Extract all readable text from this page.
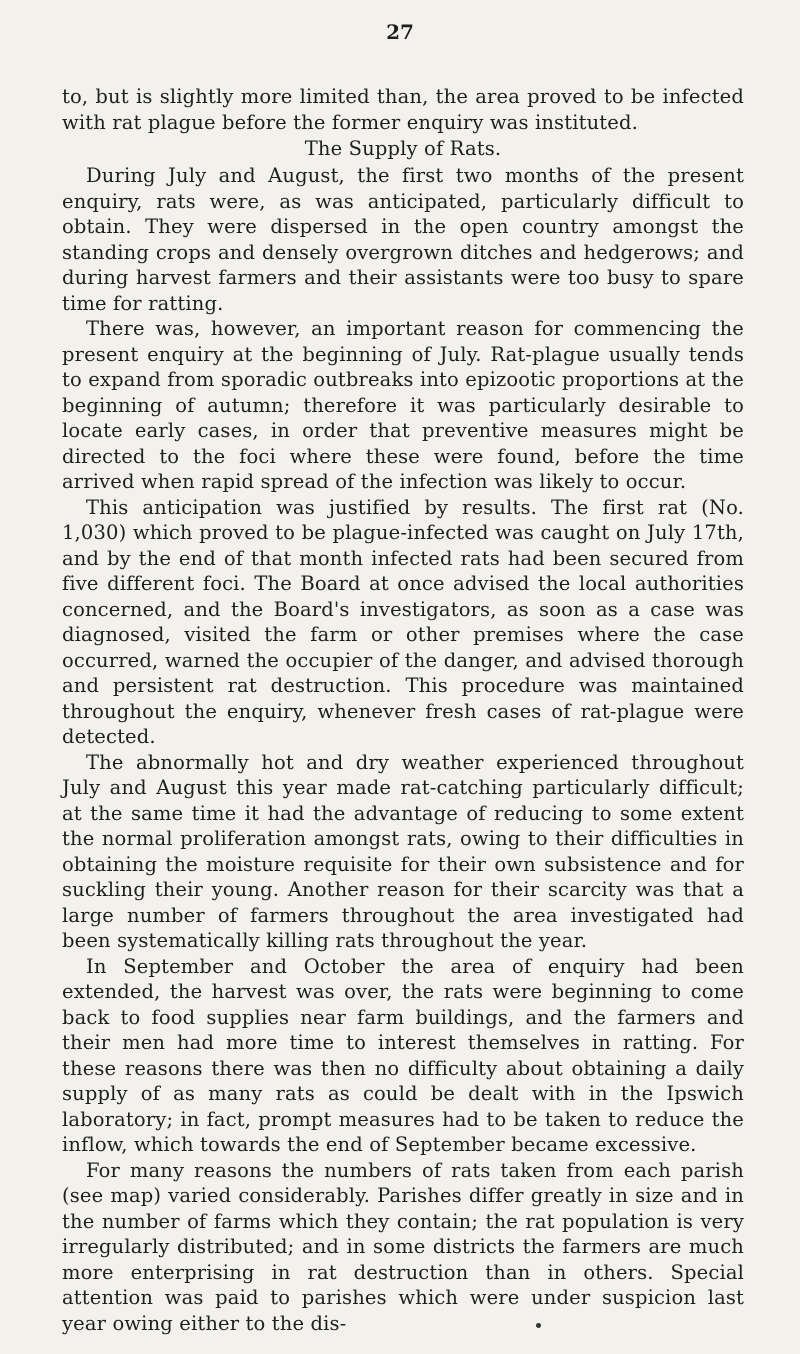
27

to, but is slightly more limited than, the area proved to be infected with rat plague before the former enquiry was instituted.

The Supply of Rats.

During July and August, the first two months of the present enquiry, rats were, as was anticipated, particularly difficult to obtain. They were dispersed in the open country amongst the standing crops and densely overgrown ditches and hedgerows; and during harvest farmers and their assistants were too busy to spare time for ratting.

There was, however, an important reason for commencing the present enquiry at the beginning of July. Rat-plague usually tends to expand from sporadic outbreaks into epizootic proportions at the beginning of autumn; therefore it was particularly desirable to locate early cases, in order that preventive measures might be directed to the foci where these were found, before the time arrived when rapid spread of the infection was likely to occur.

This anticipation was justified by results. The first rat (No. 1,030) which proved to be plague-infected was caught on July 17th, and by the end of that month infected rats had been secured from five different foci. The Board at once advised the local authorities concerned, and the Board's investigators, as soon as a case was diagnosed, visited the farm or other premises where the case occurred, warned the occupier of the danger, and advised thorough and persistent rat destruction. This procedure was maintained throughout the enquiry, whenever fresh cases of rat-plague were detected.

The abnormally hot and dry weather experienced throughout July and August this year made rat-catching particularly difficult; at the same time it had the advantage of reducing to some extent the normal proliferation amongst rats, owing to their difficulties in obtaining the moisture requisite for their own subsistence and for suckling their young. Another reason for their scarcity was that a large number of farmers throughout the area investigated had been systematically killing rats throughout the year.

In September and October the area of enquiry had been extended, the harvest was over, the rats were beginning to come back to food supplies near farm buildings, and the farmers and their men had more time to interest themselves in ratting. For these reasons there was then no difficulty about obtaining a daily supply of as many rats as could be dealt with in the Ipswich laboratory; in fact, prompt measures had to be taken to reduce the inflow, which towards the end of September became excessive.

For many reasons the numbers of rats taken from each parish (see map) varied considerably. Parishes differ greatly in size and in the number of farms which they contain; the rat population is very irregularly distributed; and in some districts the farmers are much more enterprising in rat destruction than in others. Special attention was paid to parishes which were under suspicion last year owing either to the dis-
